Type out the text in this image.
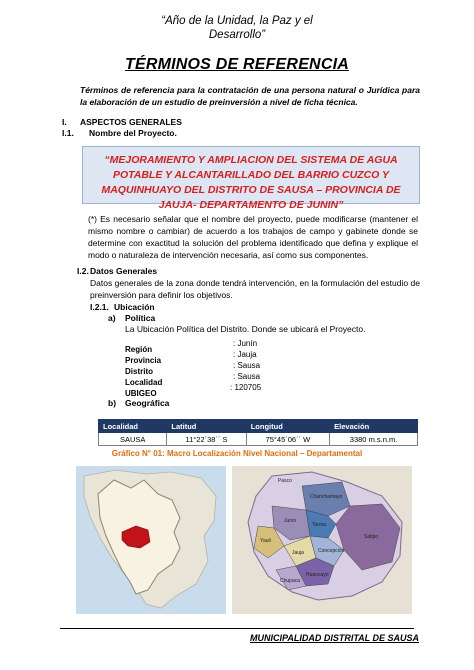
“Año de la Unidad, la Paz y el
Desarrollo”
TÉRMINOS DE REFERENCIA
Términos de referencia para la contratación de una persona natural o Jurídica para la elaboración de un estudio de preinversión a nivel de ficha técnica.
I. ASPECTOS GENERALES
I.1. Nombre del Proyecto.
“MEJORAMIENTO Y AMPLIACION DEL SISTEMA DE AGUA POTABLE Y ALCANTARILLADO DEL BARRIO CUZCO Y MAQUINHUAYO DEL DISTRITO DE SAUSA – PROVINCIA DE JAUJA- DEPARTAMENTO DE JUNIN”
(*) Es necesario señalar que el nombre del proyecto, puede modificarse (mantener el mismo nombre o cambiar) de acuerdo a los trabajos de campo y gabinete donde se determine con exactitud la solución del problema identificado que defina y explique el modo o naturaleza de intervención necesaria, así como sus componentes.
I.2. Datos Generales
Datos generales de la zona donde tendrá intervención, en la formulación del estudio de preinversión para definir los objetivos.
I.2.1. Ubicación
a) Política
La Ubicación Política del Distrito. Donde se ubicará el Proyecto.
Región
: Junín
Provincia
: Jauja
Distrito
: Sausa
Localidad
: Sausa
UBIGEO
: 120705
b) Geográfica
Localidad	Latitud	Longitud	Elevación
SAUSA	11°22´38´´ S	75°45´06´´ W	3380 m.s.n.m.
Gráfico N° 01: Macro Localización Nivel Nacional – Departamental
Pasco
Chanchamayo
Junín
Tarma
Satipo
Yauli
Jauja	Concepción
Huancayo
Chupaca
MUNICIPALIDAD DISTRITAL DE SAUSA
